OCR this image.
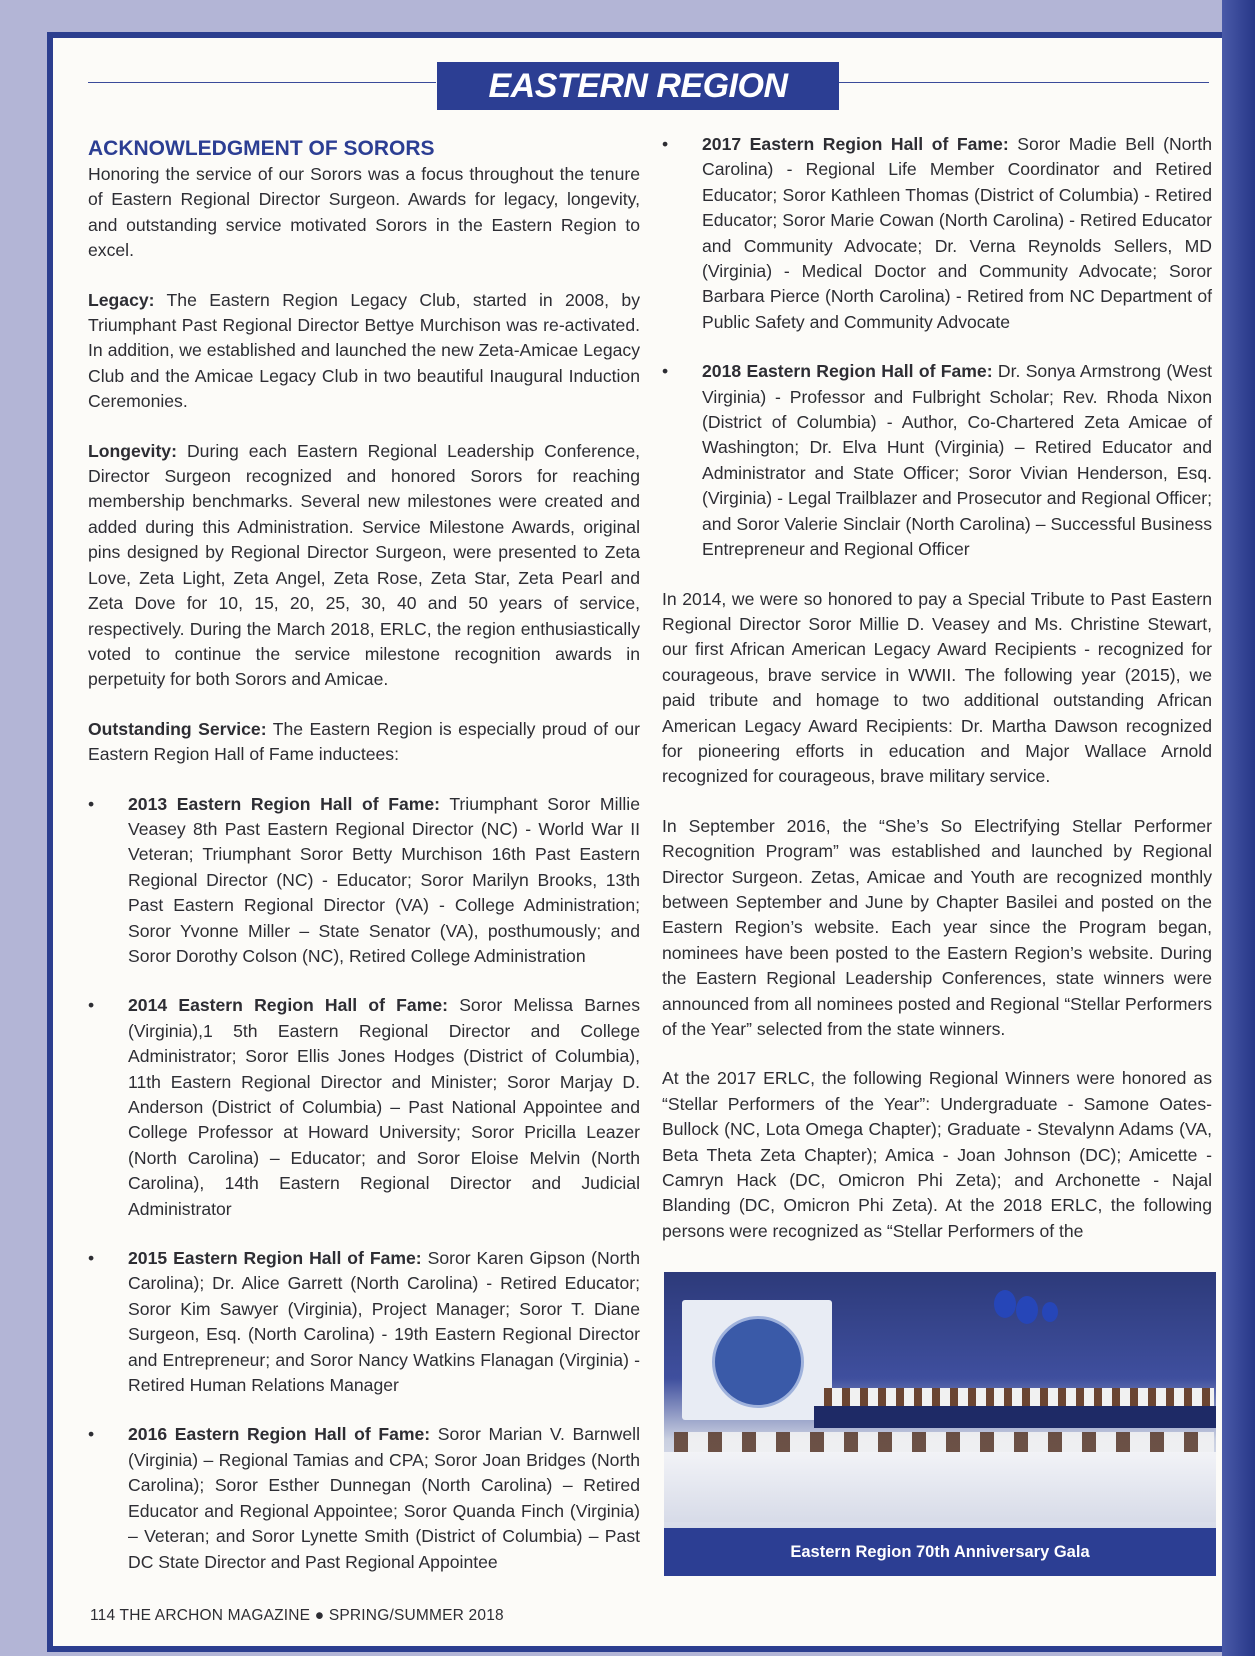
EASTERN REGION
ACKNOWLEDGMENT OF SORORS

Honoring the service of our Sorors was a focus throughout the tenure of Eastern Regional Director Surgeon. Awards for legacy, longevity, and outstanding service motivated Sorors in the Eastern Region to excel.

Legacy: The Eastern Region Legacy Club, started in 2008, by Triumphant Past Regional Director Bettye Murchison was re-activated. In addition, we established and launched the new Zeta-Amicae Legacy Club and the Amicae Legacy Club in two beautiful Inaugural Induction Ceremonies.

Longevity: During each Eastern Regional Leadership Conference, Director Surgeon recognized and honored Sorors for reaching membership benchmarks. Several new milestones were created and added during this Administration. Service Milestone Awards, original pins designed by Regional Director Surgeon, were presented to Zeta Love, Zeta Light, Zeta Angel, Zeta Rose, Zeta Star, Zeta Pearl and Zeta Dove for 10, 15, 20, 25, 30, 40 and 50 years of service, respectively. During the March 2018, ERLC, the region enthusiastically voted to continue the service milestone recognition awards in perpetuity for both Sorors and Amicae.

Outstanding Service: The Eastern Region is especially proud of our Eastern Region Hall of Fame inductees:

• 2013 Eastern Region Hall of Fame: Triumphant Soror Millie Veasey 8th Past Eastern Regional Director (NC) - World War II Veteran; Triumphant Soror Betty Murchison 16th Past Eastern Regional Director (NC) - Educator; Soror Marilyn Brooks, 13th Past Eastern Regional Director (VA) - College Administration; Soror Yvonne Miller – State Senator (VA), posthumously; and Soror Dorothy Colson (NC), Retired College Administration
• 2014 Eastern Region Hall of Fame: Soror Melissa Barnes (Virginia),1 5th Eastern Regional Director and College Administrator; Soror Ellis Jones Hodges (District of Columbia), 11th Eastern Regional Director and Minister; Soror Marjay D. Anderson (District of Columbia) – Past National Appointee and College Professor at Howard University; Soror Pricilla Leazer (North Carolina) – Educator; and Soror Eloise Melvin (North Carolina), 14th Eastern Regional Director and Judicial Administrator
• 2015 Eastern Region Hall of Fame: Soror Karen Gipson (North Carolina); Dr. Alice Garrett (North Carolina) - Retired Educator; Soror Kim Sawyer (Virginia), Project Manager; Soror T. Diane Surgeon, Esq. (North Carolina) - 19th Eastern Regional Director and Entrepreneur; and Soror Nancy Watkins Flanagan (Virginia) - Retired Human Relations Manager
• 2016 Eastern Region Hall of Fame: Soror Marian V. Barnwell (Virginia) – Regional Tamias and CPA; Soror Joan Bridges (North Carolina); Soror Esther Dunnegan (North Carolina) – Retired Educator and Regional Appointee; Soror Quanda Finch (Virginia) – Veteran; and Soror Lynette Smith (District of Columbia) – Past DC State Director and Past Regional Appointee
• 2017 Eastern Region Hall of Fame: Soror Madie Bell (North Carolina) - Regional Life Member Coordinator and Retired Educator; Soror Kathleen Thomas (District of Columbia) - Retired Educator; Soror Marie Cowan (North Carolina) - Retired Educator and Community Advocate; Dr. Verna Reynolds Sellers, MD (Virginia) - Medical Doctor and Community Advocate; Soror Barbara Pierce (North Carolina) - Retired from NC Department of Public Safety and Community Advocate
• 2018 Eastern Region Hall of Fame: Dr. Sonya Armstrong (West Virginia) - Professor and Fulbright Scholar; Rev. Rhoda Nixon (District of Columbia) - Author, Co-Chartered Zeta Amicae of Washington; Dr. Elva Hunt (Virginia) – Retired Educator and Administrator and State Officer; Soror Vivian Henderson, Esq. (Virginia) - Legal Trailblazer and Prosecutor and Regional Officer; and Soror Valerie Sinclair (North Carolina) – Successful Business Entrepreneur and Regional Officer

In 2014, we were so honored to pay a Special Tribute to Past Eastern Regional Director Soror Millie D. Veasey and Ms. Christine Stewart, our first African American Legacy Award Recipients - recognized for courageous, brave service in WWII. The following year (2015), we paid tribute and homage to two additional outstanding African American Legacy Award Recipients: Dr. Martha Dawson recognized for pioneering efforts in education and Major Wallace Arnold recognized for courageous, brave military service.

In September 2016, the “She’s So Electrifying Stellar Performer Recognition Program” was established and launched by Regional Director Surgeon. Zetas, Amicae and Youth are recognized monthly between September and June by Chapter Basilei and posted on the Eastern Region’s website. Each year since the Program began, nominees have been posted to the Eastern Region’s website. During the Eastern Regional Leadership Conferences, state winners were announced from all nominees posted and Regional “Stellar Performers of the Year” selected from the state winners.

At the 2017 ERLC, the following Regional Winners were honored as “Stellar Performers of the Year”: Undergraduate - Samone Oates-Bullock (NC, Lota Omega Chapter); Graduate - Stevalynn Adams (VA, Beta Theta Zeta Chapter); Amica - Joan Johnson (DC); Amicette - Camryn Hack (DC, Omicron Phi Zeta); and Archonette - Najal Blanding (DC, Omicron Phi Zeta). At the 2018 ERLC, the following persons were recognized as “Stellar Performers of the

Eastern Region 70th Anniversary Gala
114 THE ARCHON MAGAZINE ● SPRING/SUMMER 2018
